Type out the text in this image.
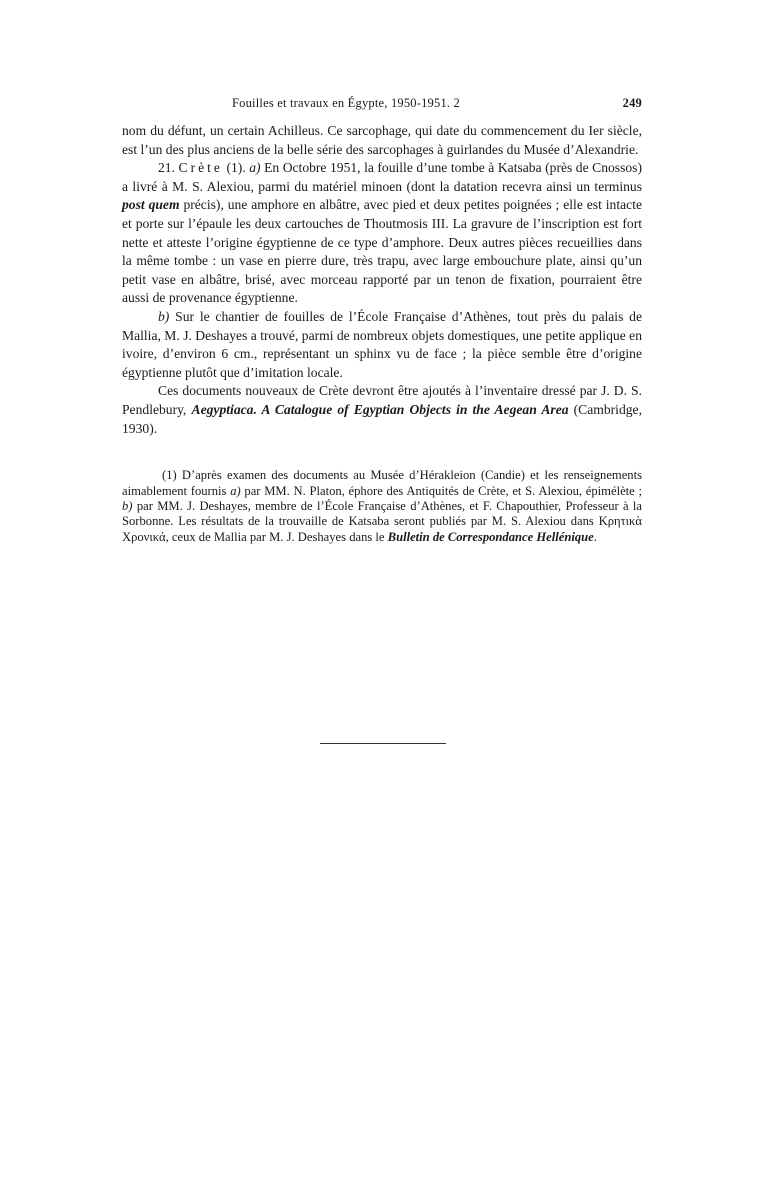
Fouilles et travaux en Égypte, 1950-1951. 2	249

nom du défunt, un certain Achilleus. Ce sarcophage, qui date du commencement du Ier siècle, est l’un des plus anciens de la belle série des sarcophages à guirlandes du Musée d’Alexandrie.

21. Crète (1). a) En Octobre 1951, la fouille d’une tombe à Katsaba (près de Cnossos) a livré à M. S. Alexiou, parmi du matériel minoen (dont la datation recevra ainsi un terminus post quem précis), une amphore en albâtre, avec pied et deux petites poignées ; elle est intacte et porte sur l’épaule les deux cartouches de Thoutmosis III. La gravure de l’inscription est fort nette et atteste l’origine égyptienne de ce type d’amphore. Deux autres pièces recueillies dans la même tombe : un vase en pierre dure, très trapu, avec large embouchure plate, ainsi qu’un petit vase en albâtre, brisé, avec morceau rapporté par un tenon de fixation, pourraient être aussi de provenance égyptienne.

b) Sur le chantier de fouilles de l’École Française d’Athènes, tout près du palais de Mallia, M. J. Deshayes a trouvé, parmi de nombreux objets domestiques, une petite applique en ivoire, d’environ 6 cm., représentant un sphinx vu de face ; la pièce semble être d’origine égyptienne plutôt que d’imitation locale.

Ces documents nouveaux de Crète devront être ajoutés à l’inventaire dressé par J. D. S. Pendlebury, Aegyptiaca. A Catalogue of Egyptian Objects in the Aegean Area (Cambridge, 1930).

(1) D’après examen des documents au Musée d’Hérakleion (Candie) et les renseignements aimablement fournis a) par MM. N. Platon, éphore des Antiquités de Crète, et S. Alexiou, épimélète ; b) par MM. J. Deshayes, membre de l’École Française d’Athènes, et F. Chapouthier, Professeur à la Sorbonne. Les résultats de la trouvaille de Katsaba seront publiés par M. S. Alexiou dans Κρητικὰ Χρονικά, ceux de Mallia par M. J. Deshayes dans le Bulletin de Correspondance Hellénique.
